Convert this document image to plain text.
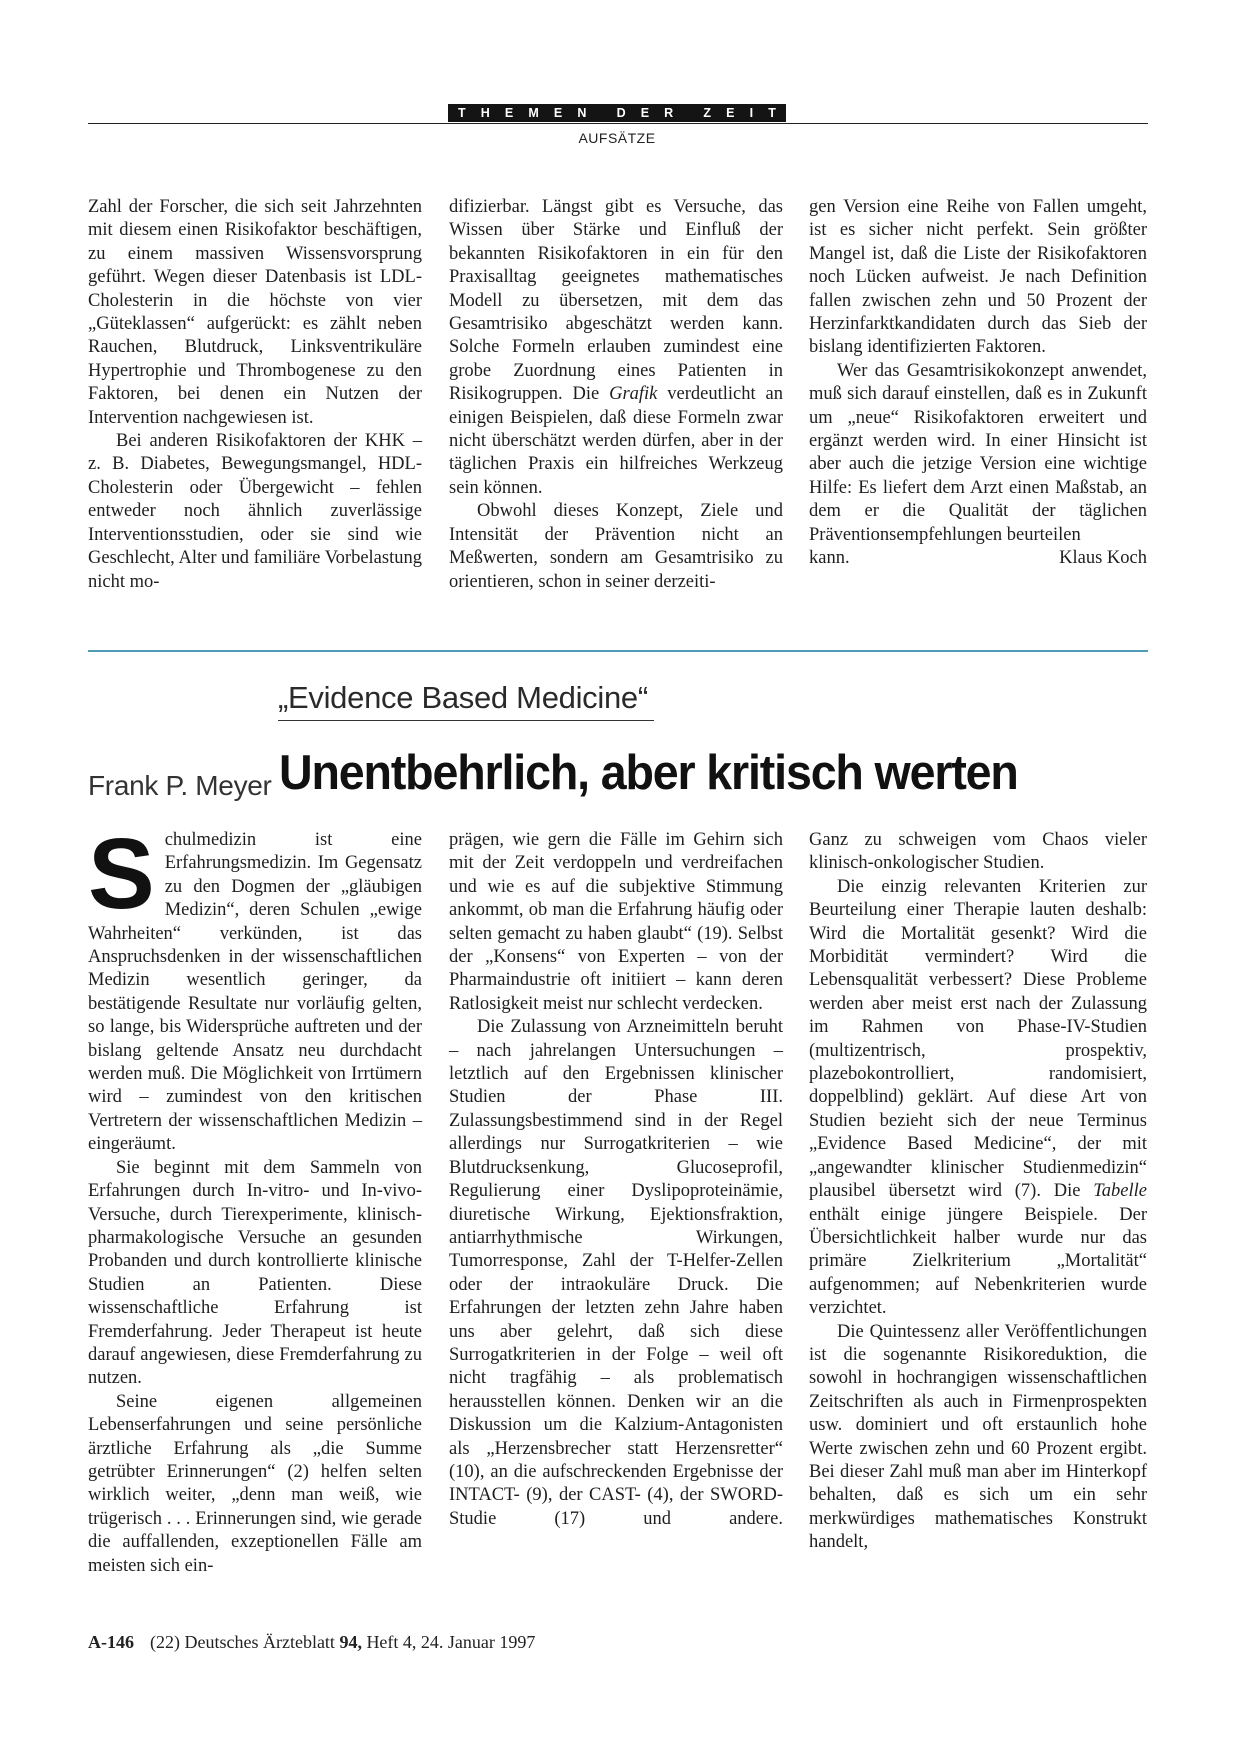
T H E M E N D E R Z E I T
AUFSÄTZE

Zahl der Forscher, die sich seit Jahrzehnten mit diesem einen Risikofaktor beschäftigen, zu einem massiven Wissensvorsprung geführt. Wegen dieser Datenbasis ist LDL-Cholesterin in die höchste von vier „Güteklassen“ aufgerückt: es zählt neben Rauchen, Blutdruck, Linksventrikuläre Hypertrophie und Thrombogenese zu den Faktoren, bei denen ein Nutzen der Intervention nachgewiesen ist.

Bei anderen Risikofaktoren der KHK – z. B. Diabetes, Bewegungsmangel, HDL-Cholesterin oder Übergewicht – fehlen entweder noch ähnlich zuverlässige Interventionsstudien, oder sie sind wie Geschlecht, Alter und familiäre Vorbelastung nicht mo-

difizierbar. Längst gibt es Versuche, das Wissen über Stärke und Einfluß der bekannten Risikofaktoren in ein für den Praxisalltag geeignetes mathematisches Modell zu übersetzen, mit dem das Gesamtrisiko abgeschätzt werden kann. Solche Formeln erlauben zumindest eine grobe Zuordnung eines Patienten in Risikogruppen. Die Grafik verdeutlicht an einigen Beispielen, daß diese Formeln zwar nicht überschätzt werden dürfen, aber in der täglichen Praxis ein hilfreiches Werkzeug sein können.

Obwohl dieses Konzept, Ziele und Intensität der Prävention nicht an Meßwerten, sondern am Gesamtrisiko zu orientieren, schon in seiner derzeiti-

gen Version eine Reihe von Fallen umgeht, ist es sicher nicht perfekt. Sein größter Mangel ist, daß die Liste der Risikofaktoren noch Lücken aufweist. Je nach Definition fallen zwischen zehn und 50 Prozent der Herzinfarktkandidaten durch das Sieb der bislang identifizierten Faktoren.

Wer das Gesamtrisikokonzept anwendet, muß sich darauf einstellen, daß es in Zukunft um „neue“ Risikofaktoren erweitert und ergänzt werden wird. In einer Hinsicht ist aber auch die jetzige Version eine wichtige Hilfe: Es liefert dem Arzt einen Maßstab, an dem er die Qualität der täglichen Präventionsempfehlungen beurteilen

kann.	Klaus Koch
„Evidence Based Medicine“
Frank P. Meyer Unentbehrlich, aber kritisch werten

Schulmedizin ist eine Erfahrungsmedizin. Im Gegensatz zu den Dogmen der „gläubigen Medizin“, deren Schulen „ewige Wahrheiten“ verkünden, ist das Anspruchsdenken in der wissenschaftlichen Medizin wesentlich geringer, da bestätigende Resultate nur vorläufig gelten, so lange, bis Widersprüche auftreten und der bislang geltende Ansatz neu durchdacht werden muß. Die Möglichkeit von Irrtümern wird – zumindest von den kritischen Vertretern der wissenschaftlichen Medizin – eingeräumt.

Sie beginnt mit dem Sammeln von Erfahrungen durch In-vitro- und In-vivo-Versuche, durch Tierexperimente, klinisch-pharmakologische Versuche an gesunden Probanden und durch kontrollierte klinische Studien an Patienten. Diese wissenschaftliche Erfahrung ist Fremderfahrung. Jeder Therapeut ist heute darauf angewiesen, diese Fremderfahrung zu nutzen.

Seine eigenen allgemeinen Lebenserfahrungen und seine persönliche ärztliche Erfahrung als „die Summe getrübter Erinnerungen“ (2) helfen selten wirklich weiter, „denn man weiß, wie trügerisch . . . Erinnerungen sind, wie gerade die auffallenden, exzeptionellen Fälle am meisten sich ein-

prägen, wie gern die Fälle im Gehirn sich mit der Zeit verdoppeln und verdreifachen und wie es auf die subjektive Stimmung ankommt, ob man die Erfahrung häufig oder selten gemacht zu haben glaubt“ (19). Selbst der „Konsens“ von Experten – von der Pharmaindustrie oft initiiert – kann deren Ratlosigkeit meist nur schlecht verdecken.

Die Zulassung von Arzneimitteln beruht – nach jahrelangen Untersuchungen – letztlich auf den Ergebnissen klinischer Studien der Phase III. Zulassungsbestimmend sind in der Regel allerdings nur Surrogatkriterien – wie Blutdrucksenkung, Glucoseprofil, Regulierung einer Dyslipoproteinämie, diuretische Wirkung, Ejektionsfraktion, antiarrhythmische Wirkungen, Tumorresponse, Zahl der T-Helfer-Zellen oder der intraokuläre Druck. Die Erfahrungen der letzten zehn Jahre haben uns aber gelehrt, daß sich diese Surrogatkriterien in der Folge – weil oft nicht tragfähig – als problematisch herausstellen können. Denken wir an die Diskussion um die Kalzium-Antagonisten als „Herzensbrecher statt Herzensretter“ (10), an die aufschreckenden Ergebnisse der INTACT- (9), der CAST- (4), der SWORD-Studie (17) und andere.

Ganz zu schweigen vom Chaos vieler klinisch-onkologischer Studien.

Die einzig relevanten Kriterien zur Beurteilung einer Therapie lauten deshalb: Wird die Mortalität gesenkt? Wird die Morbidität vermindert? Wird die Lebensqualität verbessert? Diese Probleme werden aber meist erst nach der Zulassung im Rahmen von Phase-IV-Studien (multizentrisch, prospektiv, plazebokontrolliert, randomisiert, doppelblind) geklärt. Auf diese Art von Studien bezieht sich der neue Terminus „Evidence Based Medicine“, der mit „angewandter klinischer Studienmedizin“ plausibel übersetzt wird (7). Die Tabelle enthält einige jüngere Beispiele. Der Übersichtlichkeit halber wurde nur das primäre Zielkriterium „Mortalität“ aufgenommen; auf Nebenkriterien wurde verzichtet.

Die Quintessenz aller Veröffentlichungen ist die sogenannte Risikoreduktion, die sowohl in hochrangigen wissenschaftlichen Zeitschriften als auch in Firmenprospekten usw. dominiert und oft erstaunlich hohe Werte zwischen zehn und 60 Prozent ergibt. Bei dieser Zahl muß man aber im Hinterkopf behalten, daß es sich um ein sehr merkwürdiges mathematisches Konstrukt handelt,

A-146 (22) Deutsches Ärzteblatt 94, Heft 4, 24. Januar 1997
